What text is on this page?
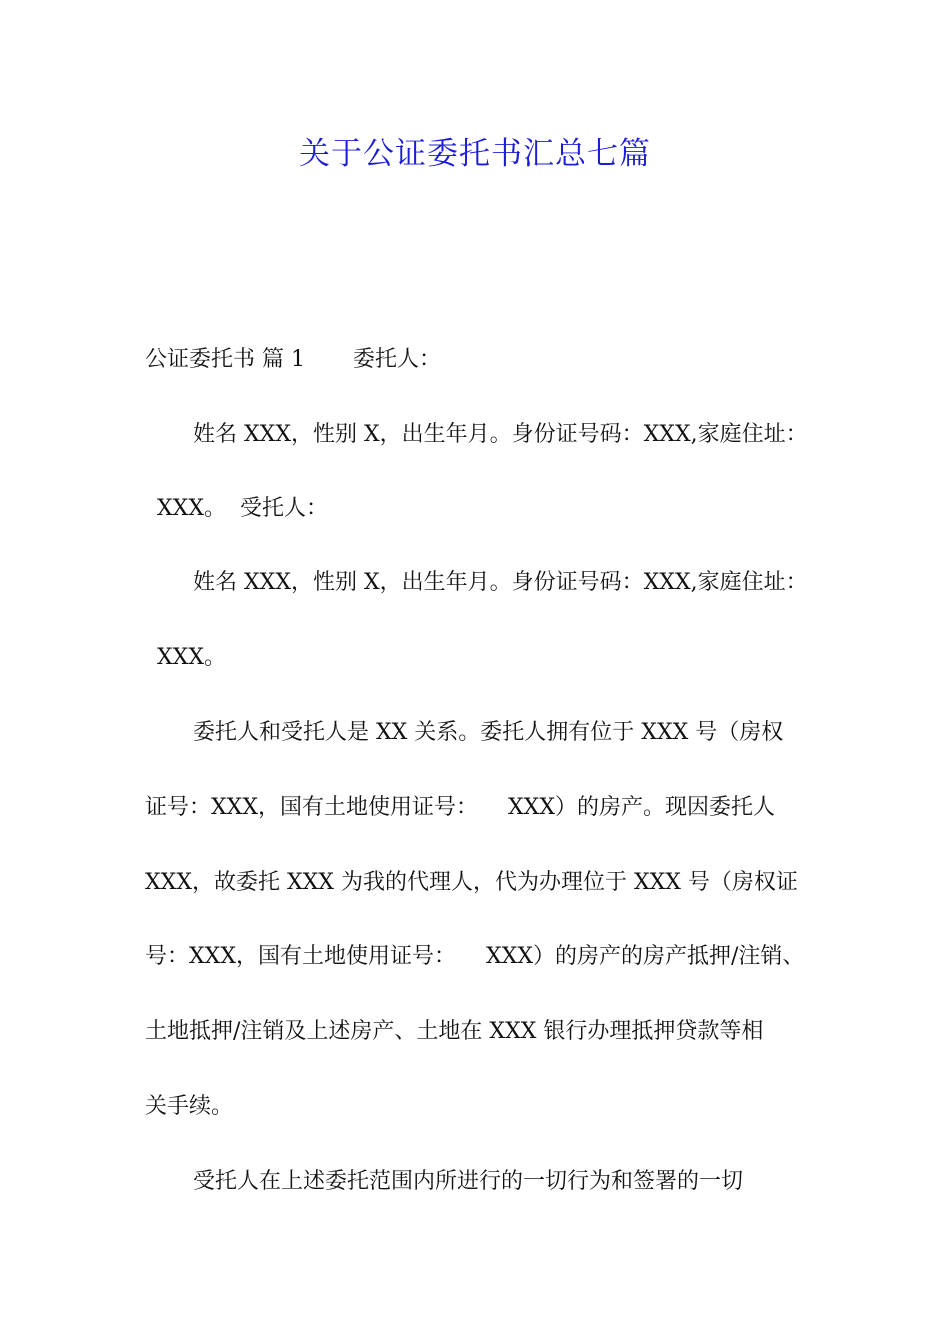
关于公证委托书汇总七篇
公证委托书 篇 1 委托人：
姓名 XXX，性别 X，出生年月。身份证号码：XXX,家庭住址：
XXX。 受托人：
姓名 XXX，性别 X，出生年月。身份证号码：XXX,家庭住址：
XXX。
委托人和受托人是 XX 关系。委托人拥有位于 XXX 号（房权
证号：XXX，国有土地使用证号： XXX）的房产。现因委托人
XXX，故委托 XXX 为我的代理人，代为办理位于 XXX 号（房权证
号：XXX，国有土地使用证号： XXX）的房产的房产抵押/注销、
土地抵押/注销及上述房产、土地在 XXX 银行办理抵押贷款等相
关手续。
受托人在上述委托范围内所进行的一切行为和签署的一切
